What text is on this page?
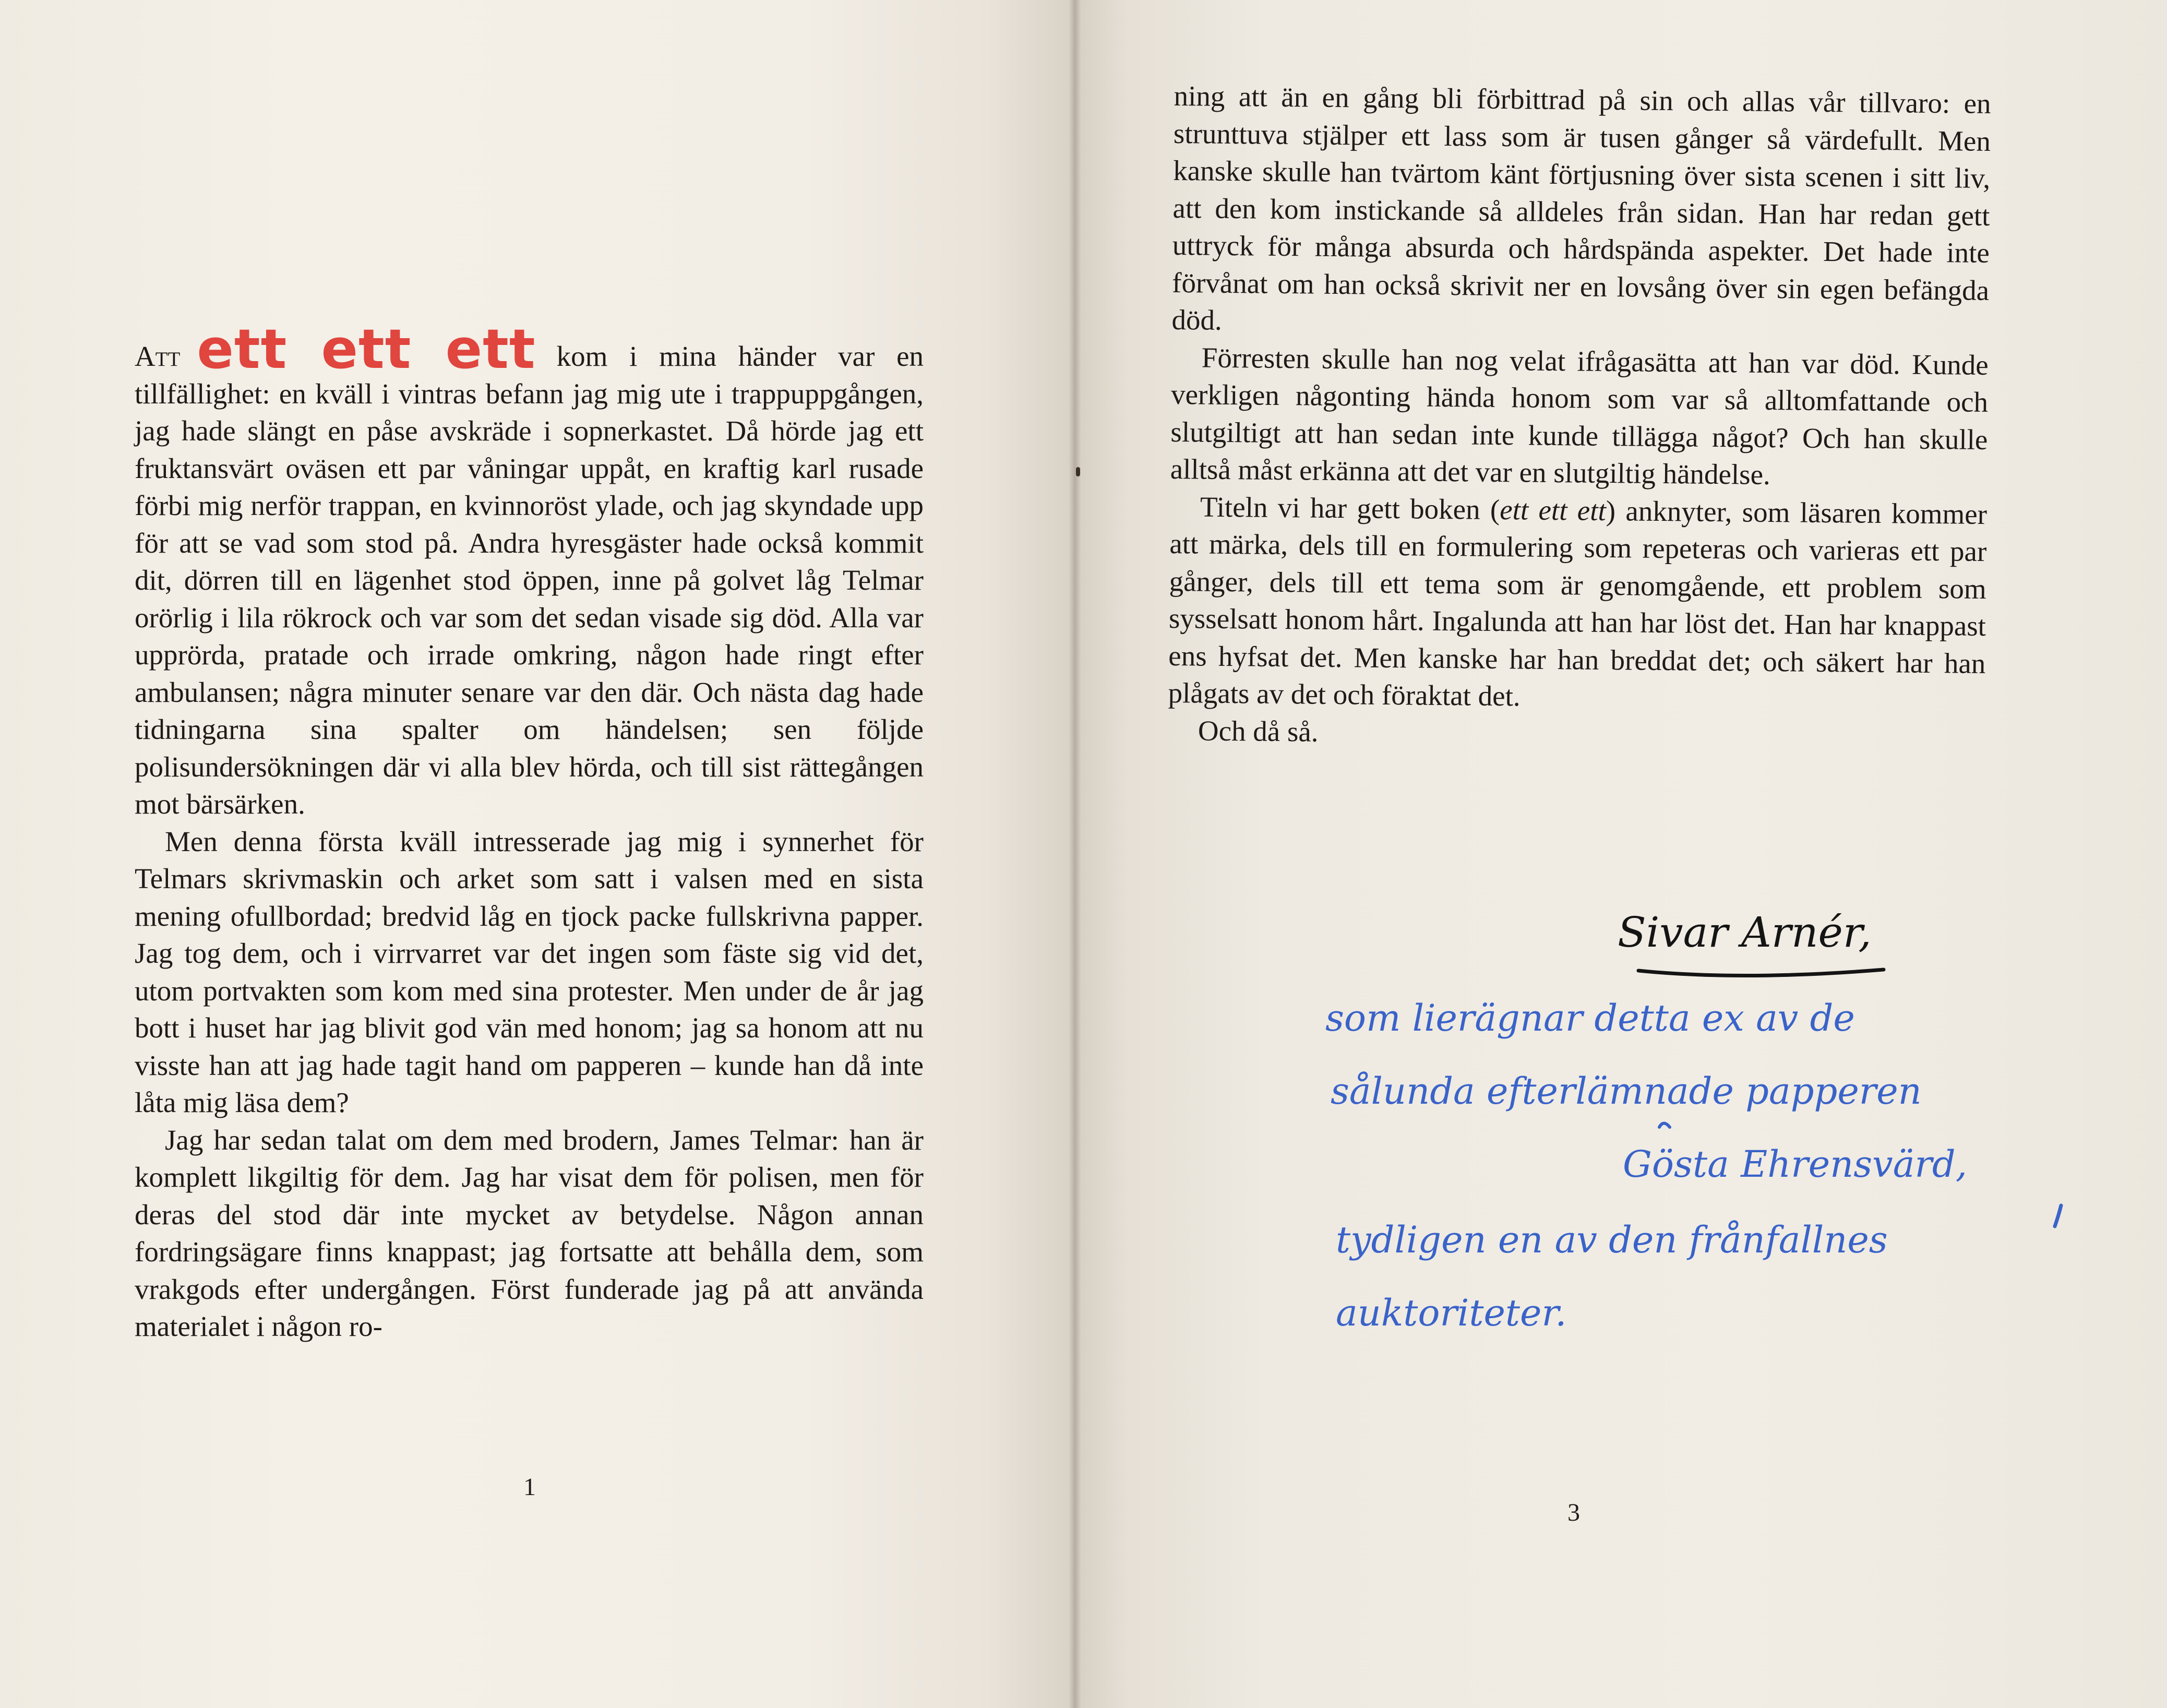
Att ett ett ett kom i mina händer var en tillfällighet: en kväll i vintras befann jag mig ute i trappuppgången, jag hade slängt en påse avskräde i sopnerkastet. Då hörde jag ett fruktansvärt oväsen ett par våningar uppåt, en kraftig karl rusade förbi mig nerför trappan, en kvinnoröst ylade, och jag skyndade upp för att se vad som stod på. Andra hyresgäster hade också kommit dit, dörren till en lägenhet stod öppen, inne på golvet låg Telmar orörlig i lila rökrock och var som det sedan visade sig död. Alla var upprörda, pratade och irrade omkring, någon hade ringt efter ambulansen; några minuter senare var den där. Och nästa dag hade tidningarna sina spalter om händelsen; sen följde polisundersökningen där vi alla blev hörda, och till sist rättegången mot bärsärken.

Men denna första kväll intresserade jag mig i synnerhet för Telmars skrivmaskin och arket som satt i valsen med en sista mening ofullbordad; bredvid låg en tjock packe fullskrivna papper. Jag tog dem, och i virrvarret var det ingen som fäste sig vid det, utom portvakten som kom med sina protester. Men under de år jag bott i huset har jag blivit god vän med honom; jag sa honom att nu visste han att jag hade tagit hand om papperen – kunde han då inte låta mig läsa dem?

Jag har sedan talat om dem med brodern, James Telmar: han är komplett likgiltig för dem. Jag har visat dem för polisen, men för deras del stod där inte mycket av betydelse. Någon annan fordringsägare finns knappast; jag fortsatte att behålla dem, som vrakgods efter undergången. Först funderade jag på att använda materialet i någon ro-

1

ning att än en gång bli förbittrad på sin och allas vår tillvaro: en strunttuva stjälper ett lass som är tusen gånger så värdefullt. Men kanske skulle han tvärtom känt förtjusning över sista scenen i sitt liv, att den kom instickande så alldeles från sidan. Han har redan gett uttryck för många absurda och hårdspända aspekter. Det hade inte förvånat om han också skrivit ner en lovsång över sin egen befängda död.

Förresten skulle han nog velat ifrågasätta att han var död. Kunde verkligen någonting hända honom som var så alltomfattande och slutgiltigt att han sedan inte kunde tillägga något? Och han skulle alltså måst erkänna att det var en slutgiltig händelse.

Titeln vi har gett boken (ett ett ett) anknyter, som läsaren kommer att märka, dels till en formulering som repeteras och varieras ett par gånger, dels till ett tema som är genomgående, ett problem som sysselsatt honom hårt. Ingalunda att han har löst det. Han har knappast ens hyfsat det. Men kanske har han breddat det; och säkert har han plågats av det och föraktat det.

Och då så.

3
Sivar Arnér,
som lierägnar detta ex av de
sålunda efterlämnade papperen
Gösta Ehrensvärd,
tydligen en av den frånfallnes
auktoriteter.
